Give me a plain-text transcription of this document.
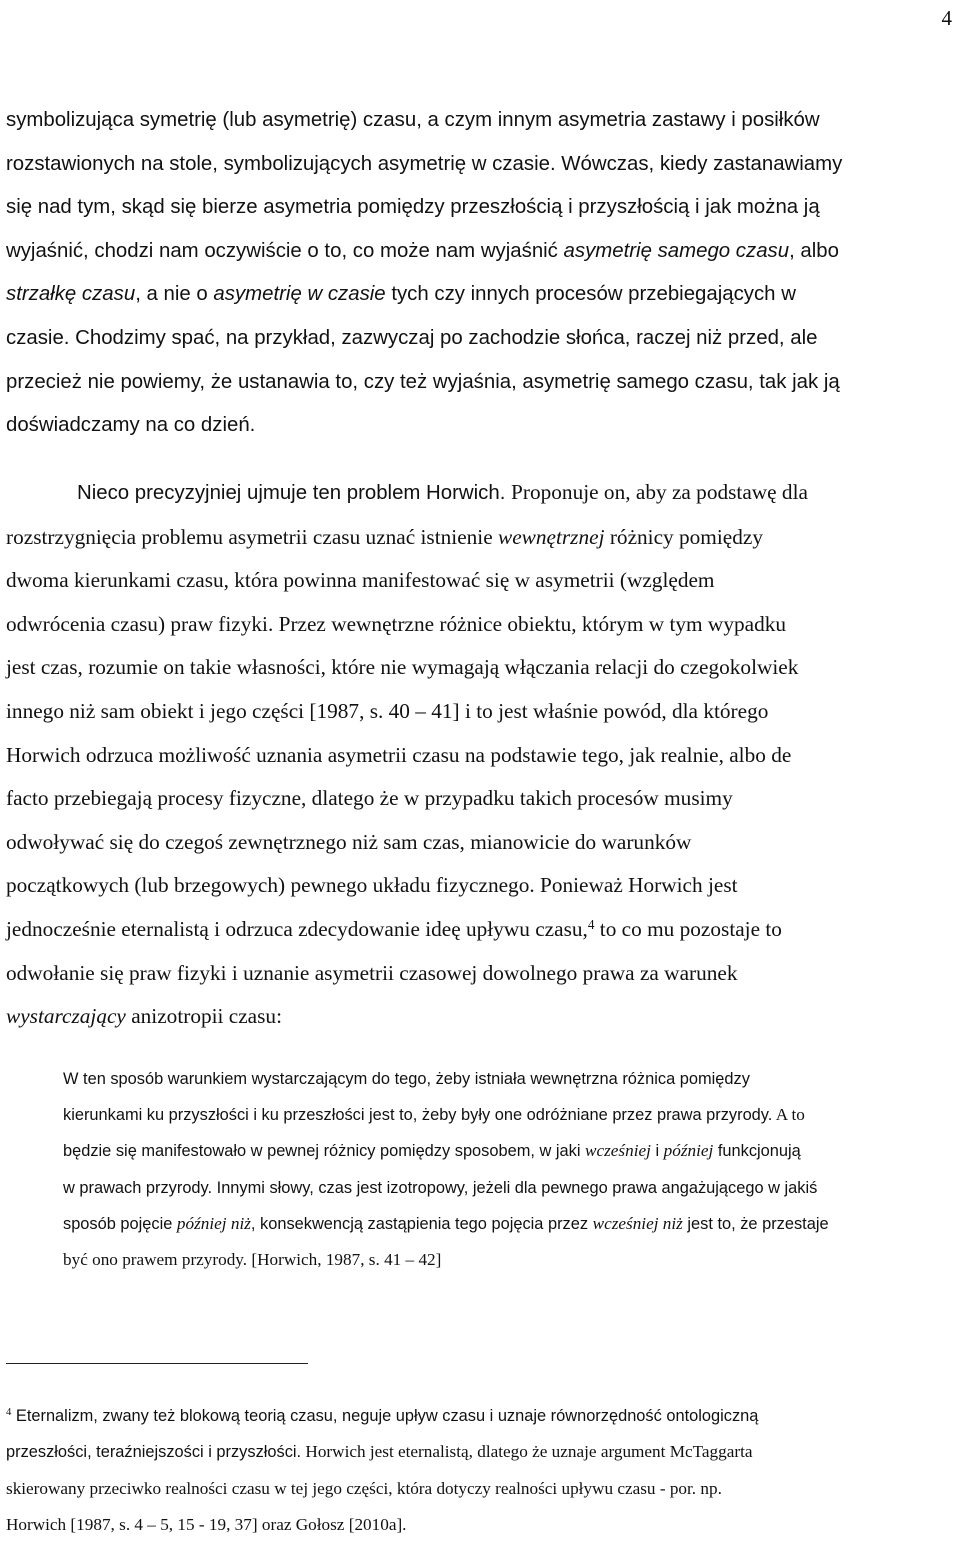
4
symbolizująca symetrię (lub asymetrię) czasu, a czym innym asymetria zastawy i posiłków
rozstawionych na stole, symbolizujących asymetrię w czasie. Wówczas, kiedy zastanawiamy
się nad tym, skąd się bierze asymetria pomiędzy przeszłością i przyszłością i jak można ją
wyjaśnić, chodzi nam oczywiście o to, co może nam wyjaśnić asymetrię samego czasu, albo
strzałkę czasu, a nie o asymetrię w czasie tych czy innych procesów przebiegających w
czasie. Chodzimy spać, na przykład, zazwyczaj po zachodzie słońca, raczej niż przed, ale
przecież nie powiemy, że ustanawia to, czy też wyjaśnia, asymetrię samego czasu, tak jak ją
doświadczamy na co dzień.
Nieco precyzyjniej ujmuje ten problem Horwich. Proponuje on, aby za podstawę dla
rozstrzygnięcia problemu asymetrii czasu uznać istnienie wewnętrznej różnicy pomiędzy
dwoma kierunkami czasu, która powinna manifestować się w asymetrii (względem
odwrócenia czasu) praw fizyki. Przez wewnętrzne różnice obiektu, którym w tym wypadku
jest czas, rozumie on takie własności, które nie wymagają włączania relacji do czegokolwiek
innego niż sam obiekt i jego części [1987, s. 40 – 41] i to jest właśnie powód, dla którego
Horwich odrzuca możliwość uznania asymetrii czasu na podstawie tego, jak realnie, albo de
facto przebiegają procesy fizyczne, dlatego że w przypadku takich procesów musimy
odwoływać się do czegoś zewnętrznego niż sam czas, mianowicie do warunków
początkowych (lub brzegowych) pewnego układu fizycznego. Ponieważ Horwich jest
jednocześnie eternalistą i odrzuca zdecydowanie ideę upływu czasu,$^4$ to co mu pozostaje to
odwołanie się praw fizyki i uznanie asymetrii czasowej dowolnego prawa za warunek
wystarczający anizotropii czasu:
W ten sposób warunkiem wystarczającym do tego, żeby istniała wewnętrzna różnica pomiędzy
kierunkami ku przyszłości i ku przeszłości jest to, żeby były one odróżniane przez prawa przyrody. A to
będzie się manifestowało w pewnej różnicy pomiędzy sposobem, w jaki wcześniej i później funkcjonują
w prawach przyrody. Innymi słowy, czas jest izotropowy, jeżeli dla pewnego prawa angażującego w jakiś
sposób pojęcie później niż, konsekwencją zastąpienia tego pojęcia przez wcześniej niż jest to, że przestaje
być ono prawem przyrody. [Horwich, 1987, s. 41 – 42]
$^4$ Eternalizm, zwany też blokową teorią czasu, neguje upływ czasu i uznaje równorzędność ontologiczną
przeszłości, teraźniejszości i przyszłości. Horwich jest eternalistą, dlatego że uznaje argument McTaggarta
skierowany przeciwko realności czasu w tej jego części, która dotyczy realności upływu czasu - por. np.
Horwich [1987, s. 4 – 5, 15 - 19, 37] oraz Gołosz [2010a].
